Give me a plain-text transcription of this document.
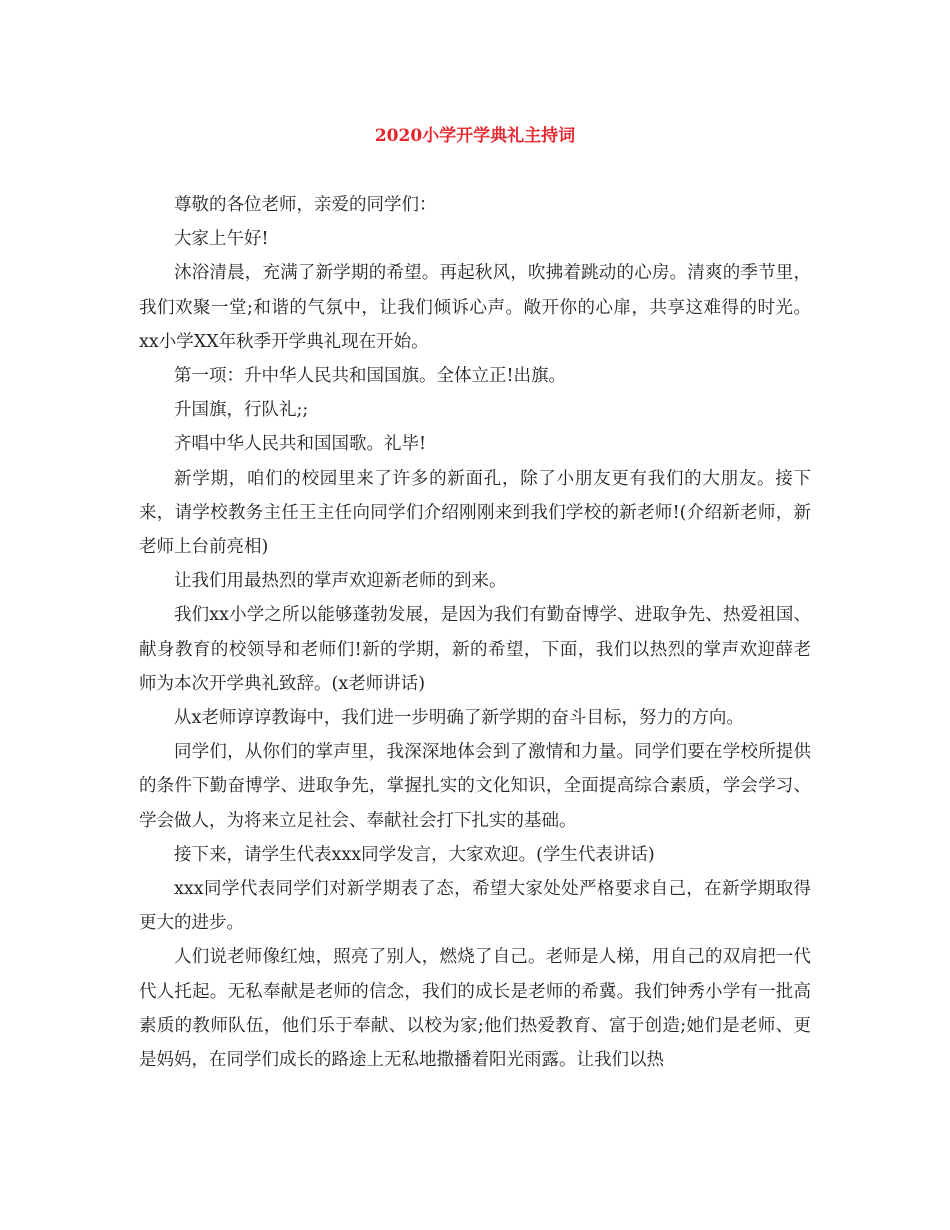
2020小学开学典礼主持词

尊敬的各位老师，亲爱的同学们：

大家上午好!

沐浴清晨，充满了新学期的希望。再起秋风，吹拂着跳动的心房。清爽的季节里，我们欢聚一堂;和谐的气氛中，让我们倾诉心声。敞开你的心扉，共享这难得的时光。xx小学XX年秋季开学典礼现在开始。

第一项：升中华人民共和国国旗。全体立正!出旗。

升国旗，行队礼;;

齐唱中华人民共和国国歌。礼毕!

新学期，咱们的校园里来了许多的新面孔，除了小朋友更有我们的大朋友。接下来，请学校教务主任王主任向同学们介绍刚刚来到我们学校的新老师!(介绍新老师，新老师上台前亮相)

让我们用最热烈的掌声欢迎新老师的到来。

我们xx小学之所以能够蓬勃发展，是因为我们有勤奋博学、进取争先、热爱祖国、献身教育的校领导和老师们!新的学期，新的希望，下面，我们以热烈的掌声欢迎薛老师为本次开学典礼致辞。(x老师讲话)

从x老师谆谆教诲中，我们进一步明确了新学期的奋斗目标，努力的方向。

同学们，从你们的掌声里，我深深地体会到了激情和力量。同学们要在学校所提供的条件下勤奋博学、进取争先，掌握扎实的文化知识，全面提高综合素质，学会学习、学会做人，为将来立足社会、奉献社会打下扎实的基础。

接下来，请学生代表xxx同学发言，大家欢迎。(学生代表讲话)

xxx同学代表同学们对新学期表了态，希望大家处处严格要求自己，在新学期取得更大的进步。

人们说老师像红烛，照亮了别人，燃烧了自己。老师是人梯，用自己的双肩把一代代人托起。无私奉献是老师的信念，我们的成长是老师的希冀。我们钟秀小学有一批高素质的教师队伍，他们乐于奉献、以校为家;他们热爱教育、富于创造;她们是老师、更是妈妈，在同学们成长的路途上无私地撒播着阳光雨露。让我们以热
